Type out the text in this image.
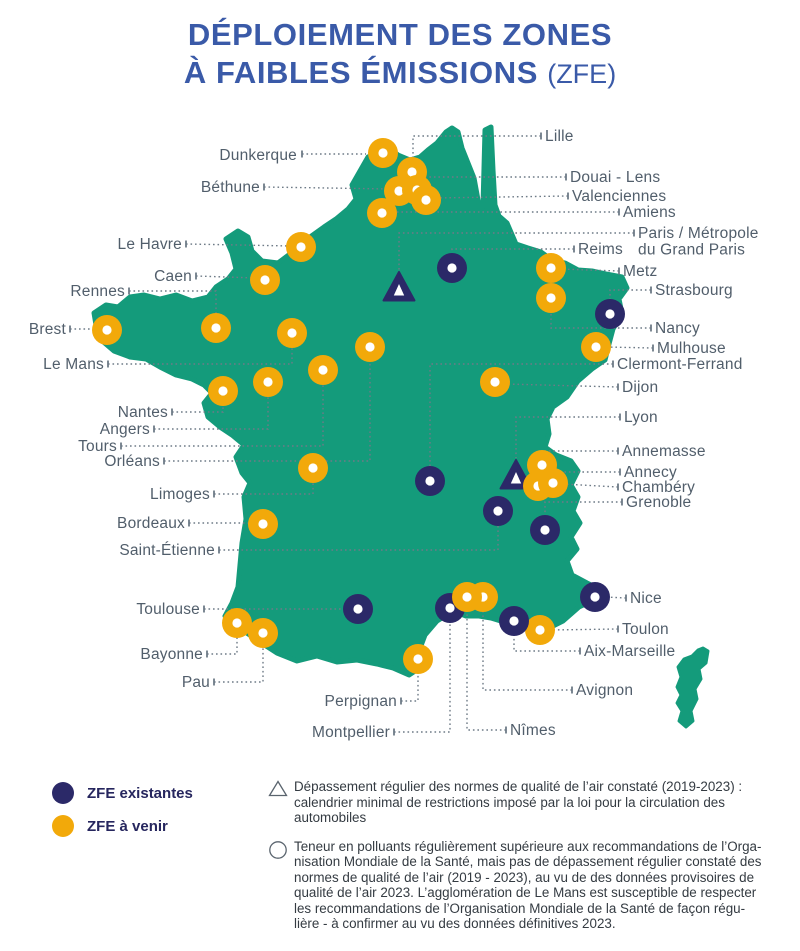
DÉPLOIEMENT DES ZONES
À FAIBLES ÉMISSIONS (ZFE)
Dunkerque
Lille
Béthune
Douai - Lens
Valenciennes
Amiens
Le Havre
Caen
Rennes
Brest
Le Mans
Nantes
Angers
Tours
Orléans
Limoges
Bordeaux
Saint-Étienne
Toulouse
Bayonne
Pau
Perpignan
Montpellier
Paris / Métropole du Grand Paris
Reims
Metz
Strasbourg
Nancy
Mulhouse
Clermont-Ferrand
Dijon
Lyon
Annemasse
Annecy
Chambéry
Grenoble
Nice
Toulon
Aix-Marseille
Avignon
Nîmes
ZFE existantes
ZFE à venir
Dépassement régulier des normes de qualité de l’air constaté (2019-2023) :
calendrier minimal de restrictions imposé par la loi pour la circulation des
automobiles
Teneur en polluants régulièrement supérieure aux recommandations de l’Orga-
nisation Mondiale de la Santé, mais pas de dépassement régulier constaté des
normes de qualité de l’air (2019 - 2023), au vu de des données provisoires de
qualité de l’air 2023. L’agglomération de Le Mans est susceptible de respecter
les recommandations de l’Organisation Mondiale de la Santé de façon régu-
lière - à confirmer au vu des données définitives 2023.
